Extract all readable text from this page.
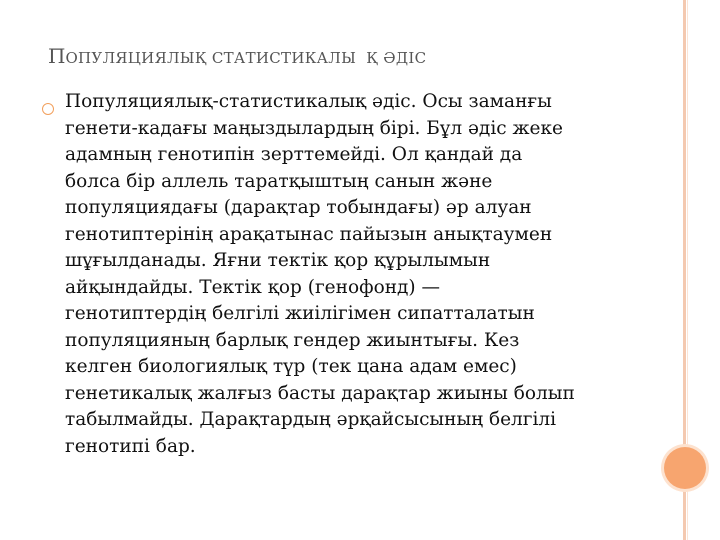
ПОПУЛЯЦИЯЛЫҚ СТАТИСТИКАЛЫ  Қ ӘДІС
Популяциялық-статистикалық әдіс. Осы заманғы
генети-кадағы маңыздылардың бірі. Бұл әдіс жеке
адамның генотипін зерттемейді. Ол қандай да
болса бір аллель таратқыштың санын және
популяциядағы (дарақтар тобындағы) әр алуан
генотиптерінің арақатынас пайызын анықтаумен
шұғылданады. Яғни тектік қор құрылымын
айқындайды. Тектік қор (генофонд) —
генотиптердің белгілі жиілігімен сипатталатын
популяцияның барлық гендер жиынтығы. Кез
келген биологиялық түр (тек цана адам емес)
генетикалық жалғыз басты дарақтар жиыны болып
табылмайды. Дарақтардың әрқайсысының белгілі
генотипі бар.
